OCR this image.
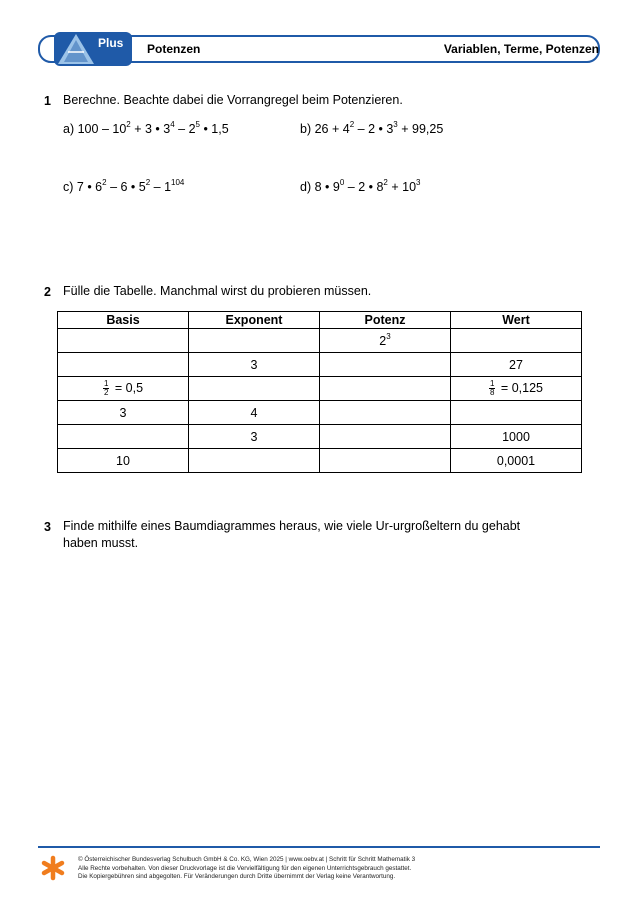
Plus Potenzen	Variablen, Terme, Potenzen
1 Berechne. Beachte dabei die Vorrangregel beim Potenzieren.
a) $100 - 10^2 + 3$ • $3^4 - 2^5$ • 1,5	b) $26 + 4^2 - 2$ • $3^3 + 99,25$
c) 7 • $6^2 - 6$ • $5^2 - 1^{104}$	d) 8 • $9^0 - 2$ • $8^2 + 10^3$
2 Fülle die Tabelle. Manchmal wirst du probieren müssen.
Basis	Exponent	Potenz	Wert
		$2^3$	
	3		27

$\frac{1}{2} = 0,5$			$\frac{1}{8} = 0,125$
3	4		
	3		1000
10			0,0001
3 Finde mithilfe eines Baumdiagrammes heraus, wie viele Ur-urgroßeltern du gehabt haben musst.
© Österreichischer Bundesverlag Schulbuch GmbH & Co. KG, Wien 2025 | www.oebv.at | Schritt für Schritt Mathematik 3
Alle Rechte vorbehalten. Von dieser Druckvorlage ist die Vervielfältigung für den eigenen Unterrichtsgebrauch gestattet.
Die Kopiergebühren sind abgegolten. Für Veränderungen durch Dritte übernimmt der Verlag keine Verantwortung.
